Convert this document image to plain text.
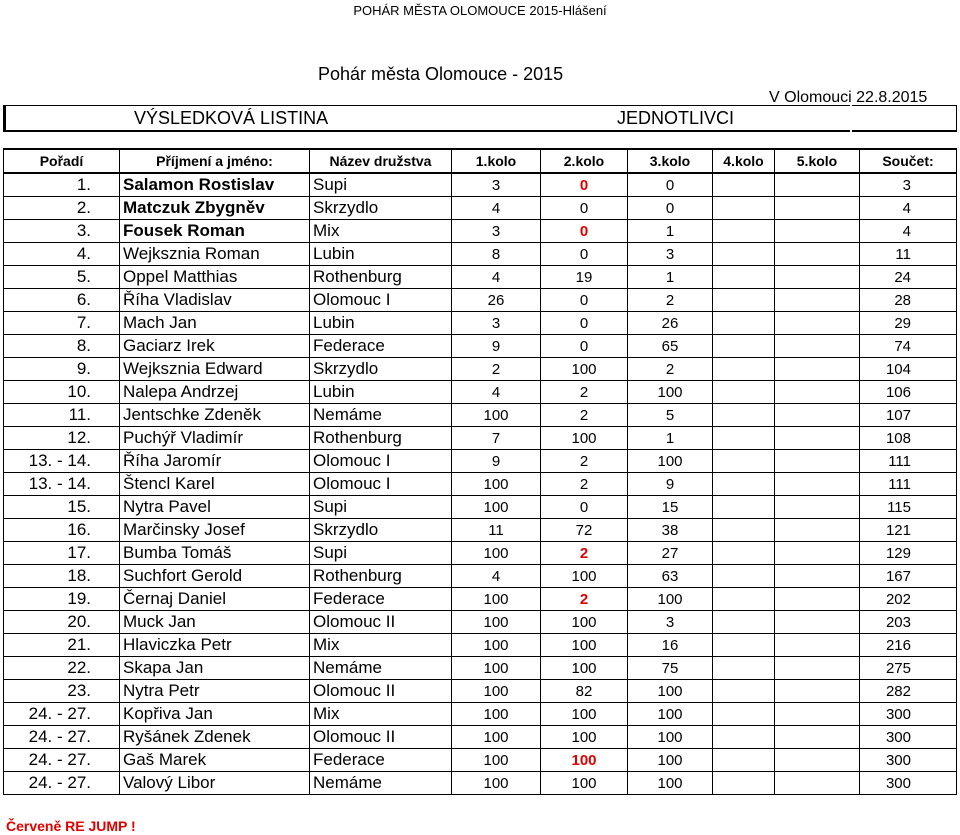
POHÁR MĚSTA OLOMOUCE 2015-Hlášení
Pohár města Olomouce - 2015
V Olomouci 22.8.2015
VÝSLEDKOVÁ LISTINA	JEDNOTLIVCI
Pořadí	Příjmení a jméno:	Název družstva	1.kolo	2.kolo	3.kolo	4.kolo	5.kolo	Součet:
1.	Salamon Rostislav	Supi	3	0	0			3
2.	Matczuk Zbygněv	Skrzydlo	4	0	0			4
3.	Fousek Roman	Mix	3	0	1			4
4.	Wejksznia Roman	Lubin	8	0	3			11
5.	Oppel Matthias	Rothenburg	4	19	1			24
6.	Říha Vladislav	Olomouc I	26	0	2			28
7.	Mach Jan	Lubin	3	0	26			29
8.	Gaciarz Irek	Federace	9	0	65			74
9.	Wejksznia Edward	Skrzydlo	2	100	2			104
10.	Nalepa Andrzej	Lubin	4	2	100			106
11.	Jentschke Zdeněk	Nemáme	100	2	5			107
12.	Puchýř Vladimír	Rothenburg	7	100	1			108
13. - 14.	Říha Jaromír	Olomouc I	9	2	100			111
13. - 14.	Štencl Karel	Olomouc I	100	2	9			111
15.	Nytra Pavel	Supi	100	0	15			115
16.	Marčinsky Josef	Skrzydlo	11	72	38			121
17.	Bumba Tomáš	Supi	100	2	27			129
18.	Suchfort Gerold	Rothenburg	4	100	63			167
19.	Černaj Daniel	Federace	100	2	100			202
20.	Muck Jan	Olomouc II	100	100	3			203
21.	Hlaviczka Petr	Mix	100	100	16			216
22.	Skapa Jan	Nemáme	100	100	75			275
23.	Nytra Petr	Olomouc II	100	82	100			282
24. - 27.	Kopřiva Jan	Mix	100	100	100			300
24. - 27.	Ryšánek Zdenek	Olomouc II	100	100	100			300
24. - 27.	Gaš Marek	Federace	100	100	100			300
24. - 27.	Valový Libor	Nemáme	100	100	100			300
Červeně RE JUMP !
